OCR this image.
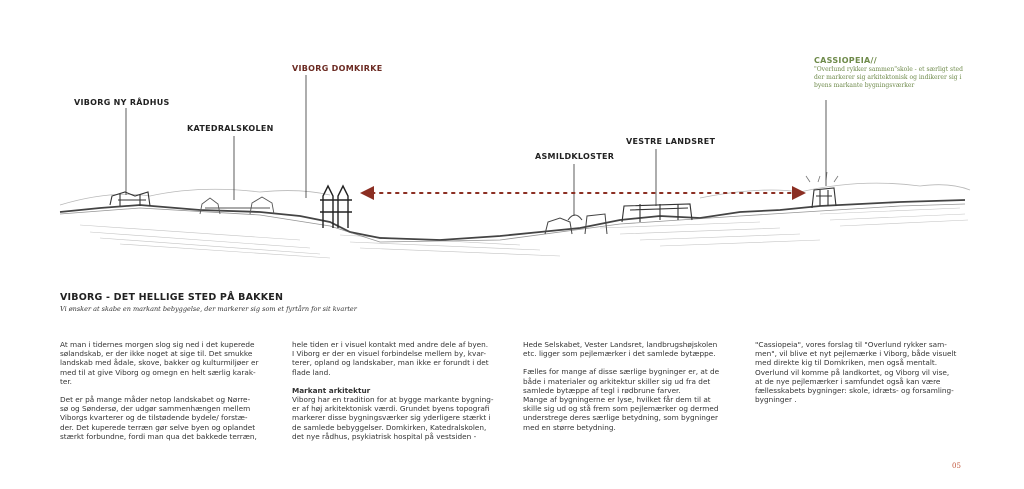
VIBORG NY RÅDHUS
KATEDRALSKOLEN
VIBORG DOMKIRKE
ASMILDKLOSTER
VESTRE LANDSRET
CASSIOPEIA//
"Overlund rykker sammen"skole - et særligt sted der markerer sig arkitektonisk og indikerer sig i byens markante bygningsværker
VIBORG - DET HELLIGE STED PÅ BAKKEN
Vi ønsker at skabe en markant bebyggelse, der markerer sig som et fyrtårn for sit kvarter

At man i tidernes morgen slog sig ned i det kuperede
sølandskab, er der ikke noget at sige til. Det smukke
landskab med ådale, skove, bakker og kulturmiljøer er
med til at give Viborg og omegn en helt særlig karak-
ter.

Det er på mange måder netop landskabet og Nørre-
sø og Søndersø, der udgør sammenhængen mellem
Viborgs kvarterer og de tilstødende bydele/ forstæ-
der. Det kuperede terræn gør selve byen og oplandet
stærkt forbundne, fordi man qua det bakkede terræn,

hele tiden er i visuel kontakt med andre dele af byen.
I Viborg er der en visuel forbindelse mellem by, kvar-
terer, opland og landskaber, man ikke er forundt i det
flade land.

Markant arkitektur

Viborg har en tradition for at bygge markante bygning-
er af høj arkitektonisk værdi. Grundet byens topografi
markerer disse bygningsværker sig yderligere stærkt i
de samlede bebyggelser. Domkirken, Katedralskolen,
det nye rådhus, psykiatrisk hospital på vestsiden -

Hede Selskabet, Vester Landsret, landbrugshøjskolen
etc. ligger som pejlemærker i det samlede bytæppe.

Fælles for mange af disse særlige bygninger er, at de
både i materialer og arkitektur skiller sig ud fra det
samlede bytæppe af tegl i rødbrune farver.
Mange af bygningerne er lyse, hvilket får dem til at
skille sig ud og stå frem som pejlemærker og dermed
understrege deres særlige betydning, som bygninger
med en større betydning.

"Cassiopeia", vores forslag til "Overlund rykker sam-
men", vil blive et nyt pejlemærke i Viborg, både visuelt
med direkte kig til Domkriken, men også mentalt.
Overlund vil komme på landkortet, og Viborg vil vise,
at de nye pejlemærker i samfundet også kan være
fællesskabets bygninger: skole, idræts- og forsamling-
bygninger .

05
